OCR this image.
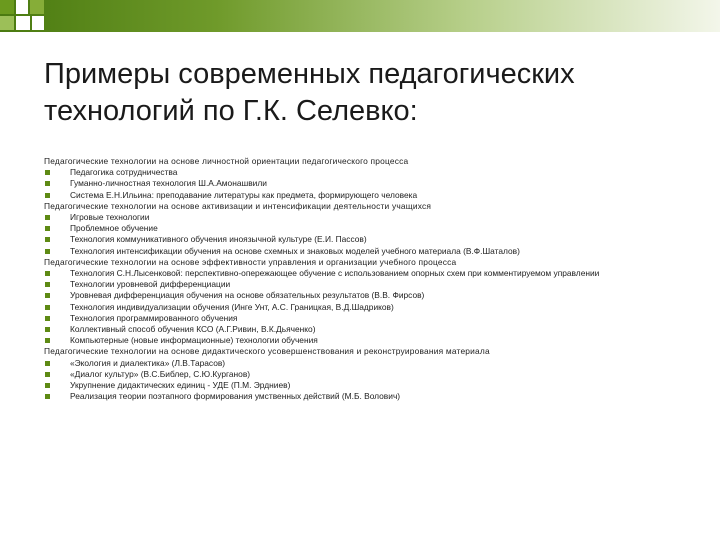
Примеры современных педагогических технологий по Г.К. Селевко:

Педагогические технологии на основе личностной ориентации педагогического процесса

Педагогика сотрудничества
Гуманно-личностная технология Ш.А.Амонашвили
Система Е.Н.Ильина: преподавание литературы как предмета, формирующего человека

Педагогические технологии на основе активизации и интенсификации деятельности учащихся

Игровые технологии
Проблемное обучение
Технология коммуникативного обучения иноязычной культуре (Е.И. Пассов)
Технология интенсификации обучения на основе схемных и знаковых моделей учебного материала (В.Ф.Шаталов)

Педагогические технологии на основе эффективности управления и организации учебного процесса

Технология С.Н.Лысенковой: перспективно-опережающее обучение с использованием опорных схем при комментируемом управлении
Технологии уровневой дифференциации
Уровневая дифференциация обучения на основе обязательных результатов (В.В. Фирсов)
Технология индивидуализации обучения (Инге Унт, А.С. Границкая, В.Д.Шадриков)
Технология программированного обучения
Коллективный способ обучения КСО (А.Г.Ривин, В.К.Дьяченко)
Компьютерные (новые информационные) технологии обучения

Педагогические технологии на основе дидактического усовершенствования и реконструирования материала

«Экология и диалектика» (Л.В.Тарасов)
«Диалог культур» (В.С.Библер, С.Ю.Курганов)
Укрупнение дидактических единиц - УДЕ (П.М. Эрдниев)
Реализация теории поэтапного формирования умственных действий (М.Б. Волович)
